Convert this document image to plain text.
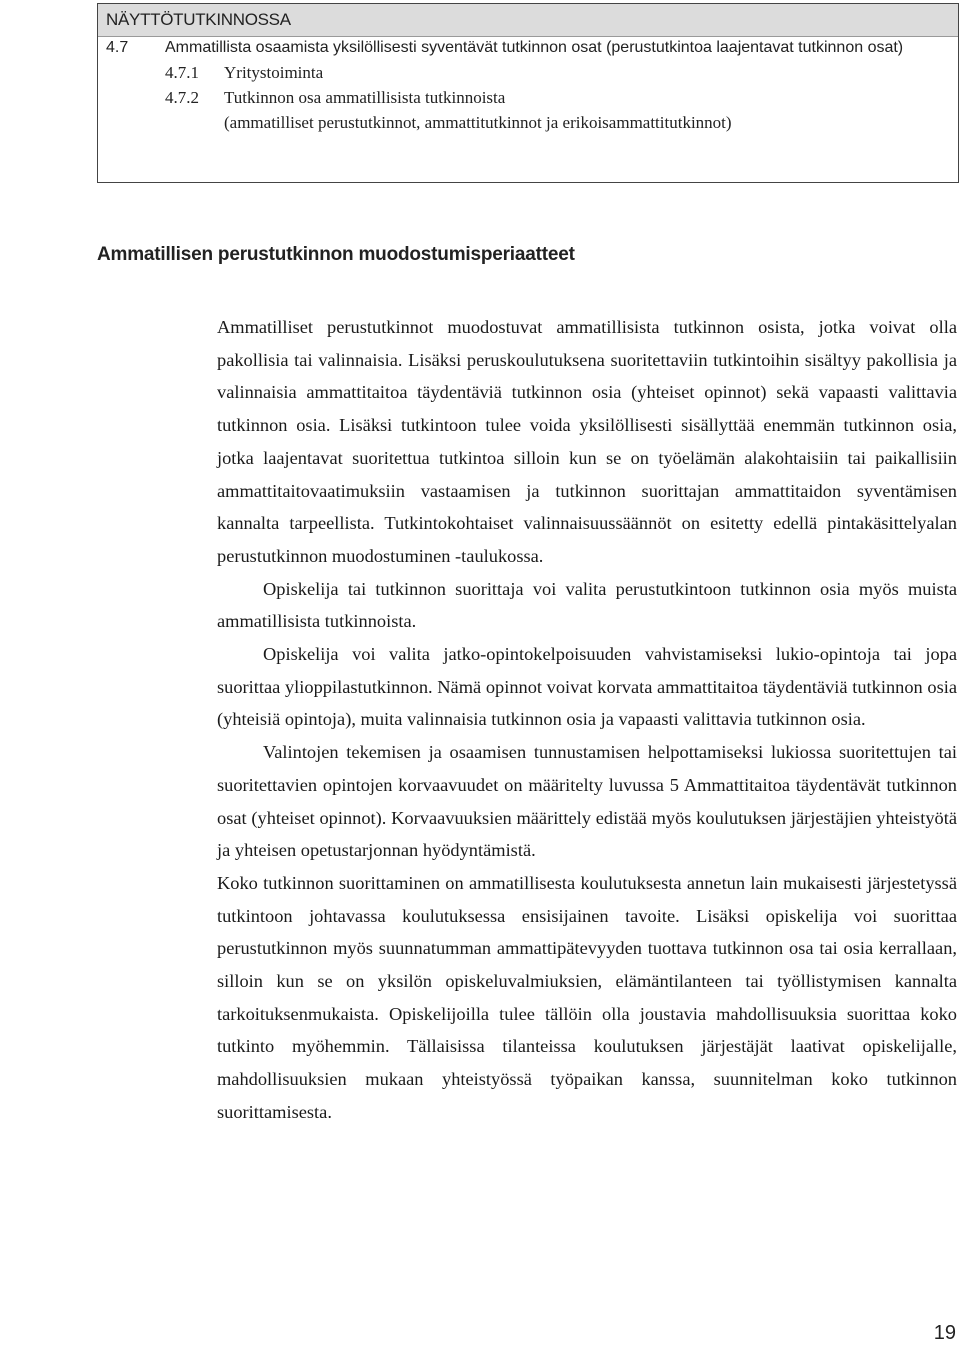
NÄYTTÖTUTKINNOSSA
4.7 Ammatillista osaamista yksilöllisesti syventävät tutkinnon osat (perustutkintoa laajentavat tutkinnon osat)
4.7.1 Yritystoiminta
4.7.2 Tutkinnon osa ammatillisista tutkinnoista
(ammatilliset perustutkinnot, ammattitutkinnot ja erikoisammattitutkinnot)
Ammatillisen perustutkinnon muodostumisperiaatteet

Ammatilliset perustutkinnot muodostuvat ammatillisista tutkinnon osista, jotka voivat olla pakollisia tai valinnaisia. Lisäksi peruskoulutuksena suoritettaviin tutkintoihin sisältyy pakollisia ja valinnaisia ammattitaitoa täydentäviä tutkinnon osia (yhteiset opinnot) sekä vapaasti valittavia tutkinnon osia. Lisäksi tutkintoon tulee voida yksilöllisesti sisällyttää enemmän tutkinnon osia, jotka laajentavat suoritettua tutkintoa silloin kun se on työelämän alakohtaisiin tai paikallisiin ammattitaitovaatimuksiin vastaamisen ja tutkinnon suorittajan ammattitaidon syventämisen kannalta tarpeellista. Tutkintokohtaiset valinnaisuussäännöt on esitetty edellä pintakäsittelyalan perustutkinnon muodostuminen -taulukossa.

Opiskelija tai tutkinnon suorittaja voi valita perustutkintoon tutkinnon osia myös muista ammatillisista tutkinnoista.

Opiskelija voi valita jatko-opintokelpoisuuden vahvistamiseksi lukio-opintoja tai jopa suorittaa ylioppilastutkinnon. Nämä opinnot voivat korvata ammattitaitoa täydentäviä tutkinnon osia (yhteisiä opintoja), muita valinnaisia tutkinnon osia ja vapaasti valittavia tutkinnon osia.

Valintojen tekemisen ja osaamisen tunnustamisen helpottamiseksi lukiossa suoritettujen tai suoritettavien opintojen korvaavuudet on määritelty luvussa 5 Ammattitaitoa täydentävät tutkinnon osat (yhteiset opinnot). Korvaavuuksien määrittely edistää myös koulutuksen järjestäjien yhteistyötä ja yhteisen opetustarjonnan hyödyntämistä.

Koko tutkinnon suorittaminen on ammatillisesta koulutuksesta annetun lain mukaisesti järjestetyssä tutkintoon johtavassa koulutuksessa ensisijainen tavoite. Lisäksi opiskelija voi suorittaa perustutkinnon myös suunnatumman ammattipätevyyden tuottava tutkinnon osa tai osia kerrallaan, silloin kun se on yksilön opiskeluvalmiuksien, elämäntilanteen tai työllistymisen kannalta tarkoituksenmukaista. Opiskelijoilla tulee tällöin olla joustavia mahdollisuuksia suorittaa koko tutkinto myöhemmin. Tällaisissa tilanteissa koulutuksen järjestäjät laativat opiskelijalle, mahdollisuuksien mukaan yhteistyössä työpaikan kanssa, suunnitelman koko tutkinnon suorittamisesta.

19
